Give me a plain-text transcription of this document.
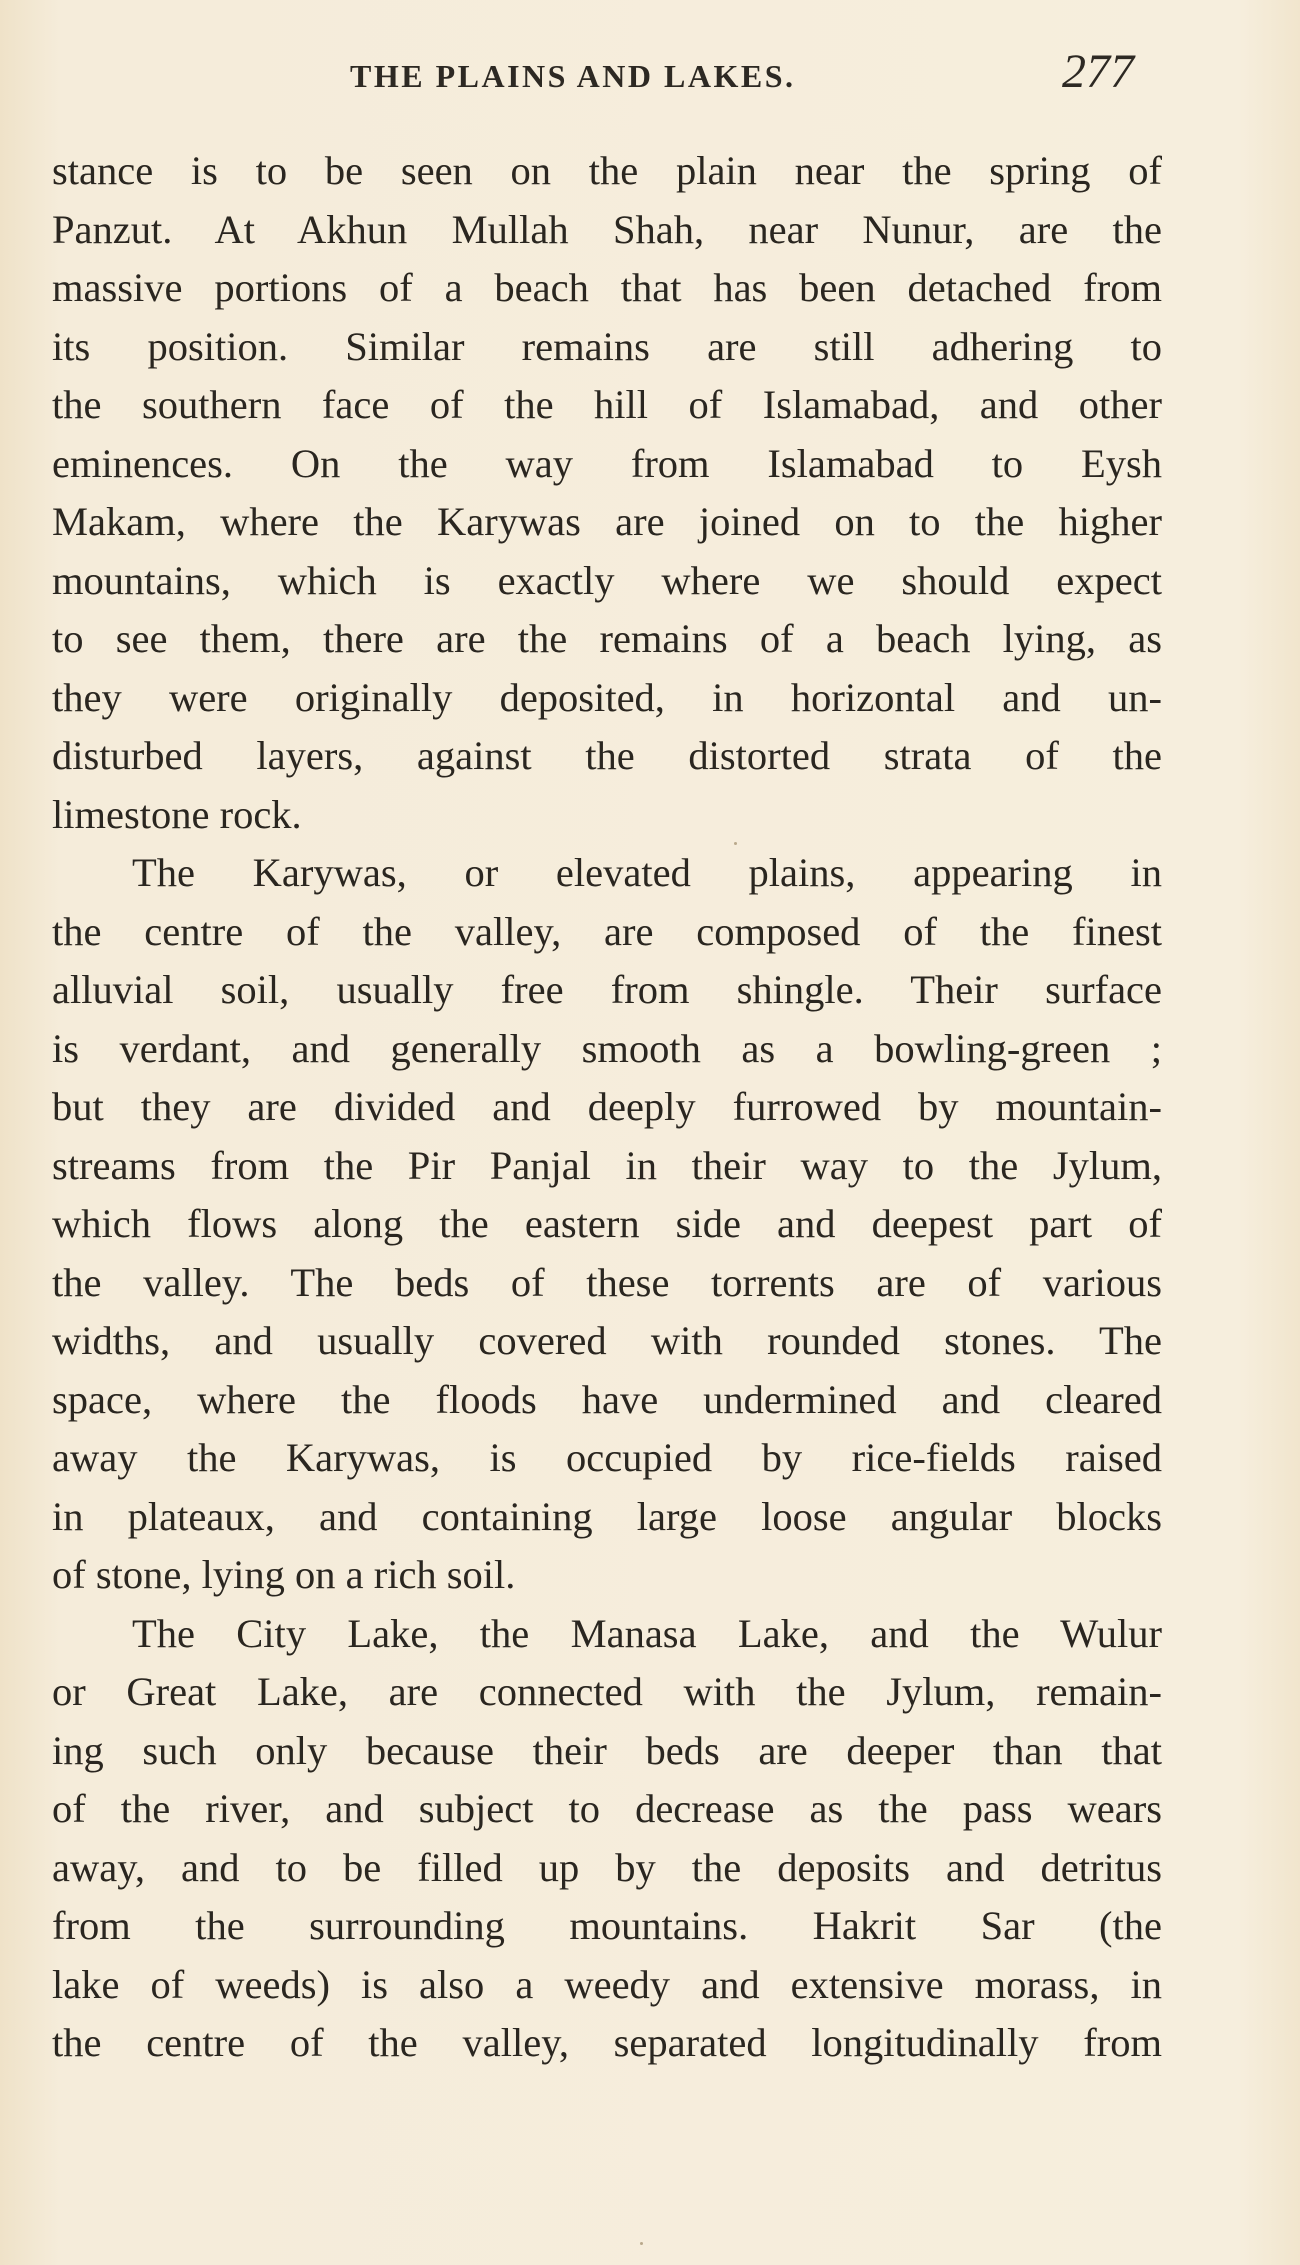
THE PLAINS AND LAKES.	277
stance is to be seen on the plain near the spring of
Panzut. At Akhun Mullah Shah, near Nunur, are the
massive portions of a beach that has been detached from
its position. Similar remains are still adhering to
the southern face of the hill of Islamabad, and other
eminences. On the way from Islamabad to Eysh
Makam, where the Karywas are joined on to the higher
mountains, which is exactly where we should expect
to see them, there are the remains of a beach lying, as
they were originally deposited, in horizontal and un-
disturbed layers, against the distorted strata of the
limestone rock.
The Karywas, or elevated plains, appearing in
the centre of the valley, are composed of the finest
alluvial soil, usually free from shingle. Their surface
is verdant, and generally smooth as a bowling-green ;
but they are divided and deeply furrowed by mountain-
streams from the Pir Panjal in their way to the Jylum,
which flows along the eastern side and deepest part of
the valley. The beds of these torrents are of various
widths, and usually covered with rounded stones. The
space, where the floods have undermined and cleared
away the Karywas, is occupied by rice-fields raised
in plateaux, and containing large loose angular blocks
of stone, lying on a rich soil.
The City Lake, the Manasa Lake, and the Wulur
or Great Lake, are connected with the Jylum, remain-
ing such only because their beds are deeper than that
of the river, and subject to decrease as the pass wears
away, and to be filled up by the deposits and detritus
from the surrounding mountains. Hakrit Sar (the
lake of weeds) is also a weedy and extensive morass, in
the centre of the valley, separated longitudinally from
